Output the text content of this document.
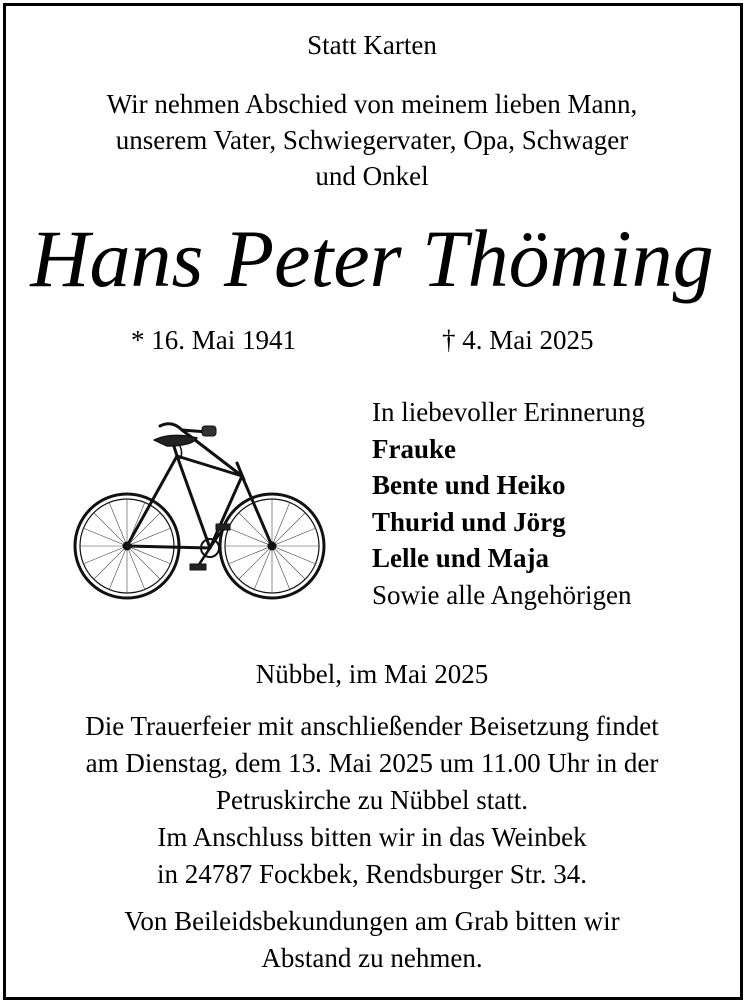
Statt Karten
Wir nehmen Abschied von meinem lieben Mann,
unserem Vater, Schwiegervater, Opa, Schwager
und Onkel
Hans Peter Thöming
* 16. Mai 1941	† 4. Mai 2025
In liebevoller Erinnerung
Frauke
Bente und Heiko
Thurid und Jörg
Lelle und Maja
Sowie alle Angehörigen
Nübbel, im Mai 2025
Die Trauerfeier mit anschließender Beisetzung findet
am Dienstag, dem 13. Mai 2025 um 11.00 Uhr in der
Petruskirche zu Nübbel statt.
Im Anschluss bitten wir in das Weinbek
in 24787 Fockbek, Rendsburger Str. 34.
Von Beileidsbekundungen am Grab bitten wir
Abstand zu nehmen.
